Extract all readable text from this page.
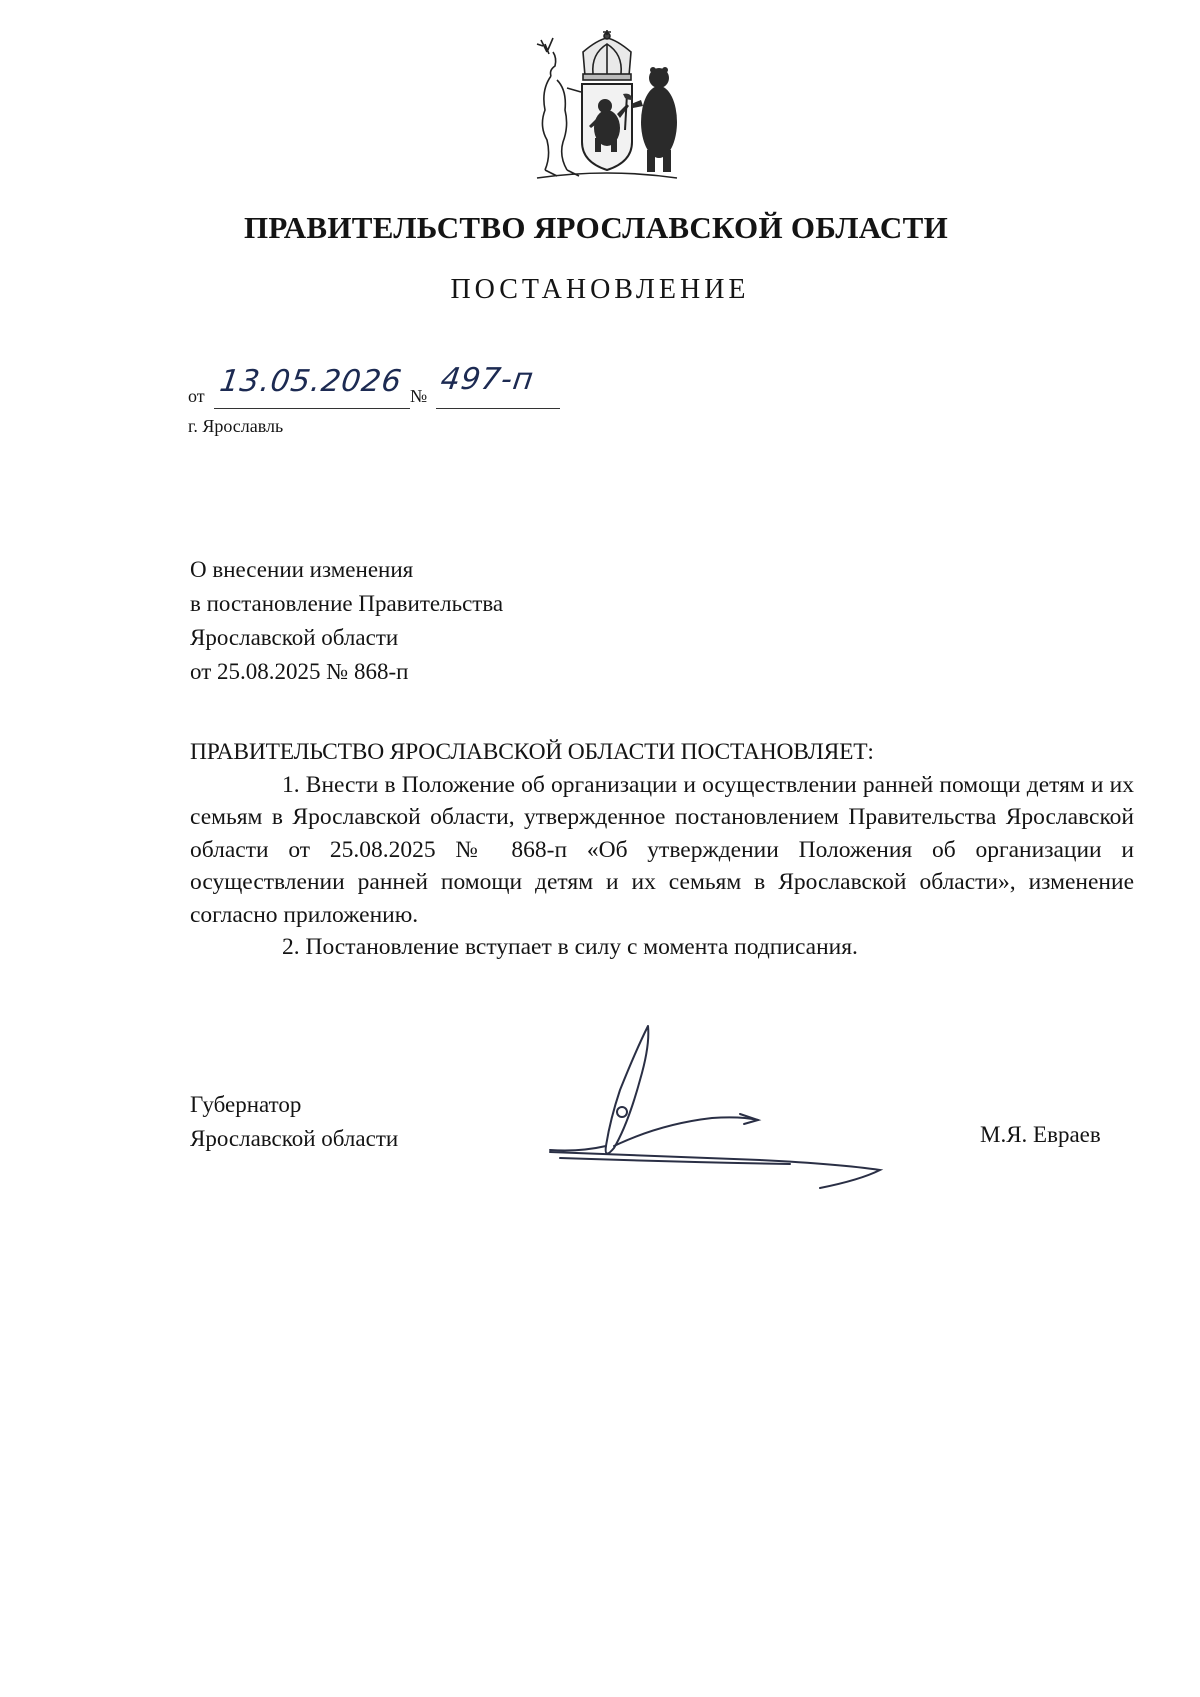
ПРАВИТЕЛЬСТВО ЯРОСЛАВСКОЙ ОБЛАСТИ
ПОСТАНОВЛЕНИЕ
от 13.05.2026 № 497-п
г. Ярославль
О внесении изменения
в постановление Правительства
Ярославской области
от 25.08.2025 № 868-п
ПРАВИТЕЛЬСТВО ЯРОСЛАВСКОЙ ОБЛАСТИ ПОСТАНОВЛЯЕТ:
1. Внести в Положение об организации и осуществлении ранней помощи детям и их семьям в Ярославской области, утвержденное постановлением Правительства Ярославской области от 25.08.2025 № 868-п «Об утверждении Положения об организации и осуществлении ранней помощи детям и их семьям в Ярославской области», изменение согласно приложению.
2. Постановление вступает в силу с момента подписания.
Губернатор
Ярославской области	М.Я. Евраев
